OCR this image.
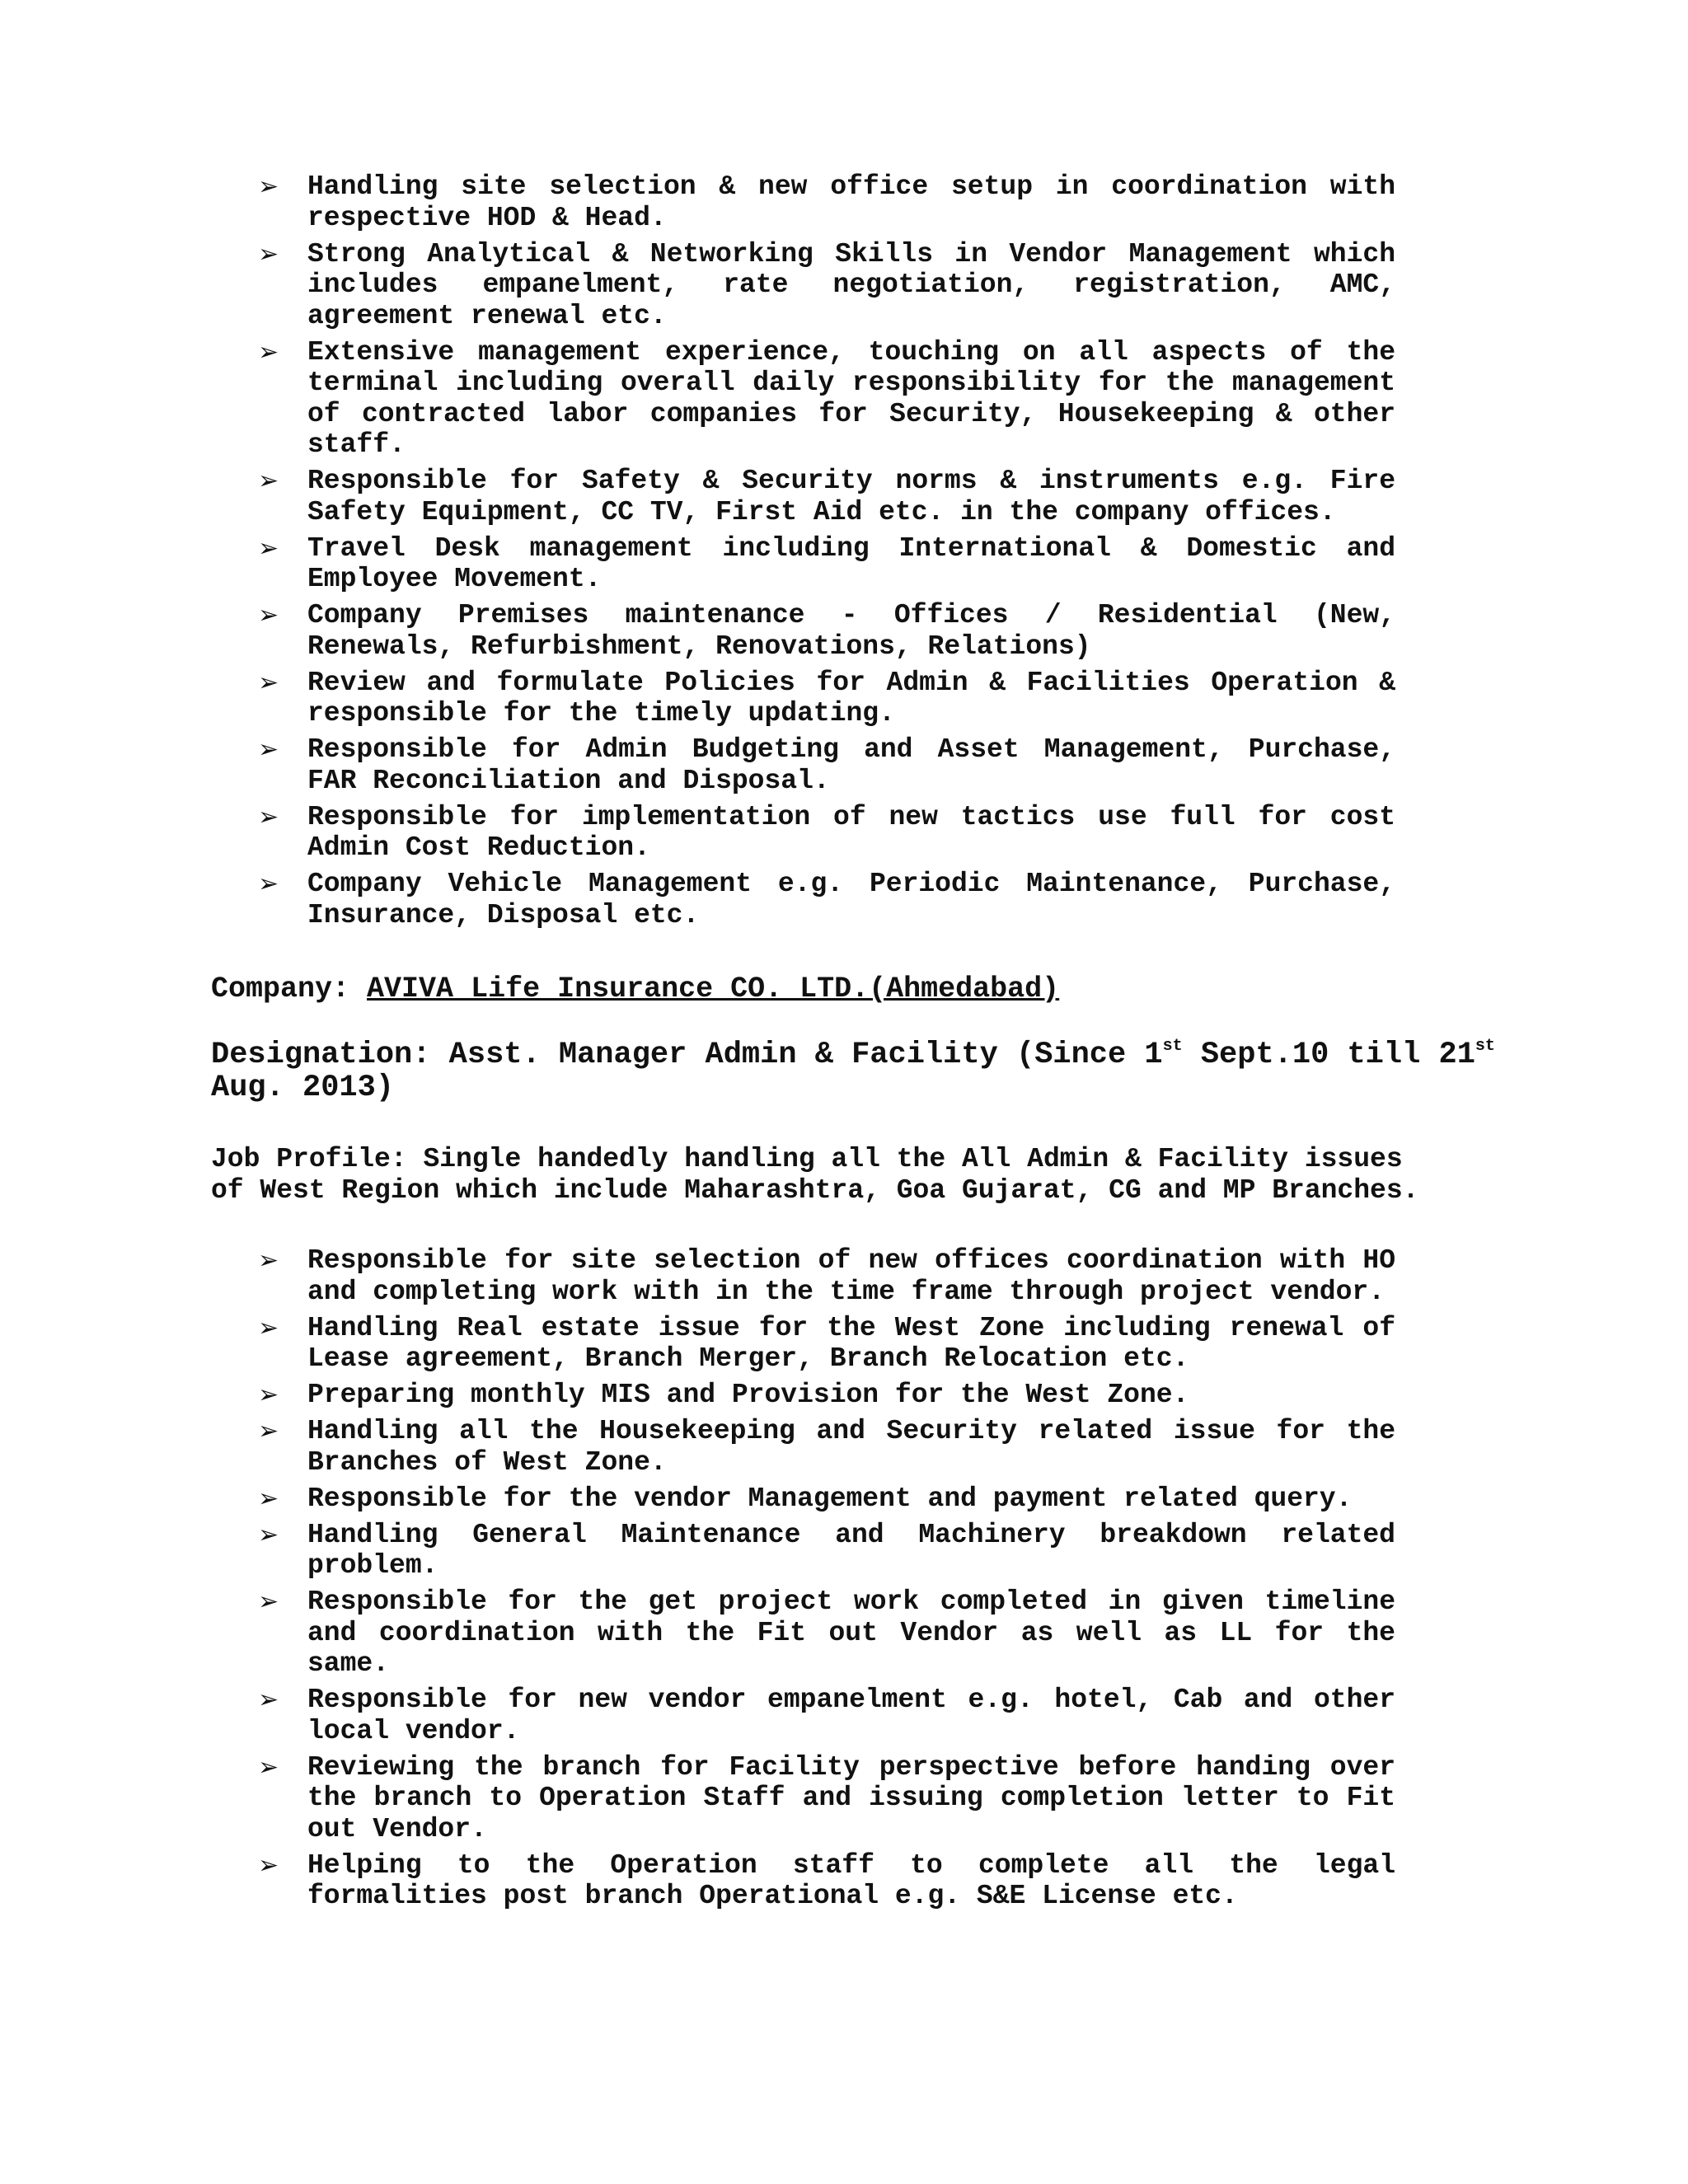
➢	Handling site selection & new office setup in coordination with respective HOD & Head.
➢	Strong Analytical & Networking Skills in Vendor Management which includes empanelment, rate negotiation, registration, AMC, agreement renewal etc.
➢	Extensive management experience, touching on all aspects of the terminal including overall daily responsibility for the management of contracted labor companies for Security, Housekeeping & other staff.
➢	Responsible for Safety & Security norms & instruments e.g. Fire Safety Equipment, CC TV, First Aid etc. in the company offices.
➢	Travel Desk management including International & Domestic and Employee Movement.
➢	Company Premises maintenance - Offices / Residential (New, Renewals, Refurbishment, Renovations, Relations)
➢	Review and formulate Policies for Admin & Facilities Operation & responsible for the timely updating.
➢	Responsible for Admin Budgeting and Asset Management, Purchase, FAR Reconciliation and Disposal.
➢	Responsible for implementation of new tactics use full for cost Admin Cost Reduction.
➢	Company Vehicle Management e.g. Periodic Maintenance, Purchase, Insurance, Disposal etc.
Company: AVIVA Life Insurance CO. LTD.(Ahmedabad)
Designation: Asst. Manager Admin & Facility (Since 1st Sept.10 till 21st Aug. 2013)
Job Profile: Single handedly handling all the All Admin & Facility issues
of West Region which include Maharashtra, Goa Gujarat, CG and MP Branches.
➢	Responsible for site selection of new offices coordination with HO and completing work with in the time frame through project vendor.
➢	Handling Real estate issue for the West Zone including renewal of Lease agreement, Branch Merger, Branch Relocation etc.
➢	Preparing monthly MIS and Provision for the West Zone.
➢	Handling all the Housekeeping and Security related issue for the Branches of West Zone.
➢	Responsible for the vendor Management and payment related query.
➢	Handling General Maintenance and Machinery breakdown related problem.
➢	Responsible for the get project work completed in given timeline and coordination with the Fit out Vendor as well as LL for the same.
➢	Responsible for new vendor empanelment e.g. hotel, Cab and other local vendor.
➢	Reviewing the branch for Facility perspective before handing over the branch to Operation Staff and issuing completion letter to Fit out Vendor.
➢	Helping to the Operation staff to complete all the legal formalities post branch Operational e.g. S&E License etc.
